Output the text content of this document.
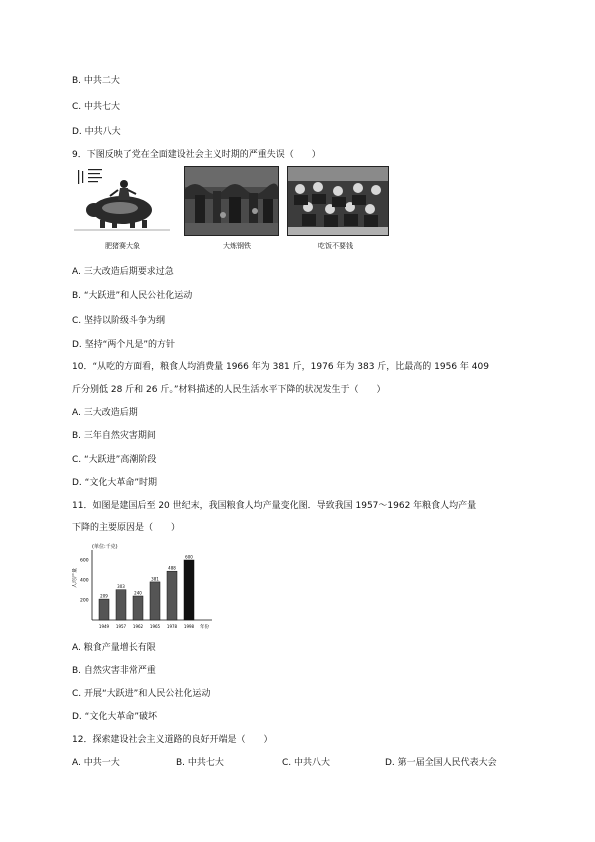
B. 中共二大
C. 中共七大
D. 中共八大
9．下图反映了党在全面建设社会主义时期的严重失误（　　）
肥猪赛大象	大炼钢铁	吃饭不要钱
A. 三大改造后期要求过急
B. “大跃进”和人民公社化运动
C. 坚持以阶级斗争为纲
D. 坚持“两个凡是”的方针
10．“从吃的方面看，粮食人均消费量 1966 年为 381 斤，1976 年为 383 斤，比最高的 1956 年 409
斤分别低 28 斤和 26 斤。”材料描述的人民生活水平下降的状况发生于（　　）
A. 三大改造后期
B. 三年自然灾害期间
C. “大跃进”高潮阶段
D. “文化大革命”时期
11．如图是建国后至 20 世纪末，我国粮食人均产量变化图．导致我国 1957～1962 年粮食人均产量
下降的主要原因是（　　）
(单位:千克)
人均产量
600
400
200
209
1949
303
1957
240
1962
381
1965
488
1978
600
1998 年份
A. 粮食产量增长有限
B. 自然灾害非常严重
C. 开展“大跃进”和人民公社化运动
D. “文化大革命”破坏
12．探索建设社会主义道路的良好开端是（　　）
A. 中共一大	B. 中共七大	C. 中共八大	D. 第一届全国人民代表大会
